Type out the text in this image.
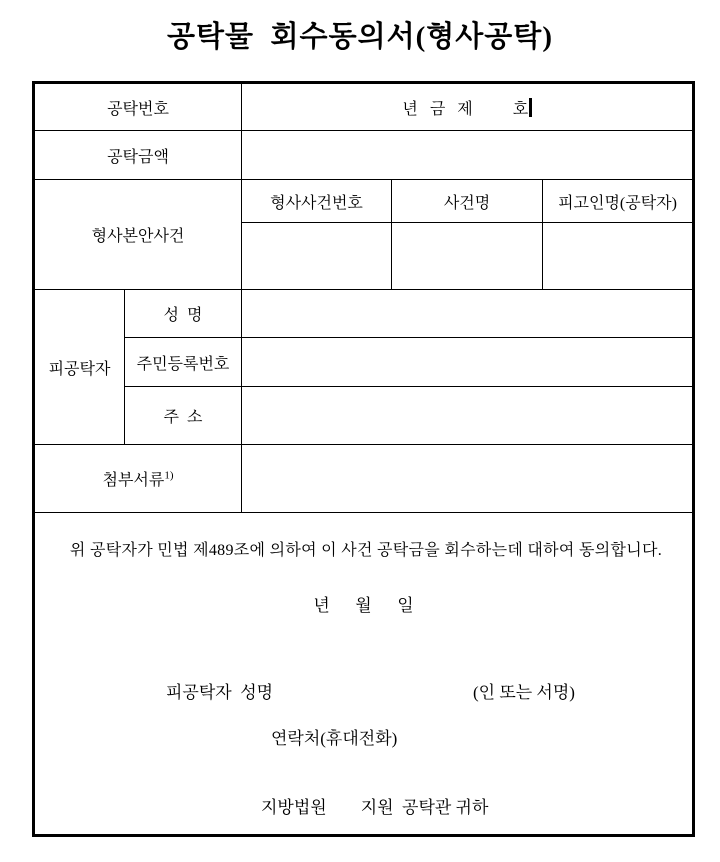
공탁물  회수동의서(형사공탁)
공탁번호		년   금   제          호		
공탁금액				
형사본안사건		형사사건번호	사건명	피고인명(공탁자)

피공탁자	성  명			
	주민등록번호			
	주  소			
첨부서류$^{1)}$	

위 공탁자가 민법 제489조에 의하여 이 사건 공탁금을 회수하는데 대하여 동의합니다.

년      월      일

피공탁자  성명

	(인 또는 서명)

연락처(휴대전화)

지방법원        지원  공탁관 귀하
